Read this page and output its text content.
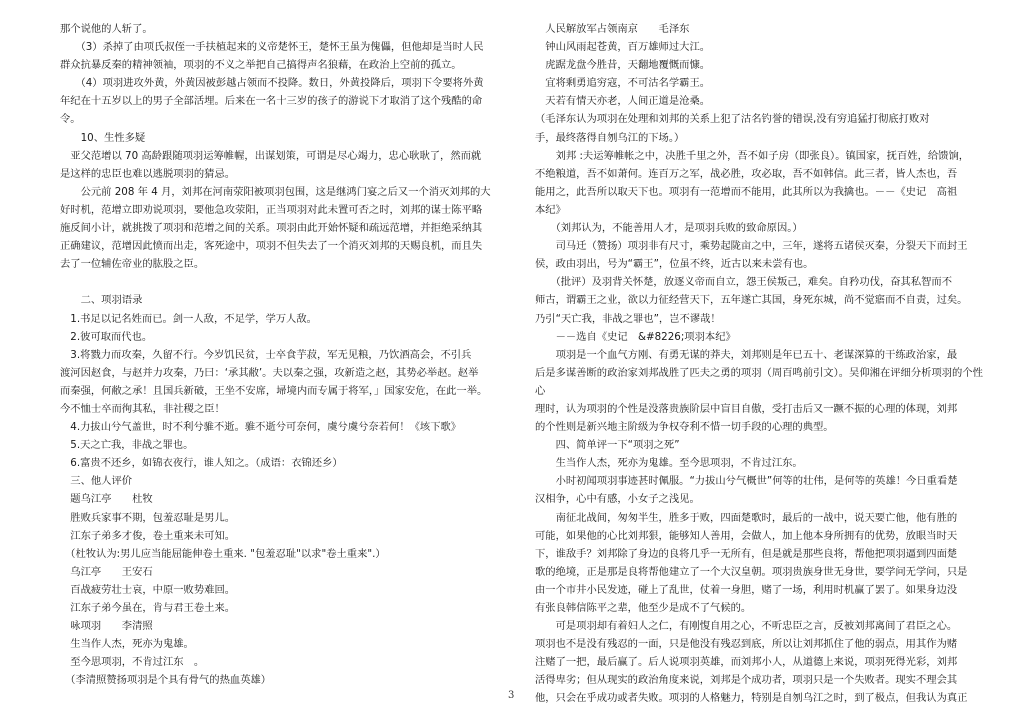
那个说他的人斩了。

　　（3）杀掉了由项氏叔侄一手扶植起来的义帝楚怀王，楚怀王虽为傀儡，但他却是当时人民

群众抗暴反秦的精神领袖，项羽的不义之举把自己搞得声名狼藉，在政治上空前的孤立。

　　（4）项羽进攻外黄，外黄因被彭越占领而不投降。数日，外黄投降后，项羽下令要将外黄

年纪在十五岁以上的男子全部活埋。后来在一名十三岁的孩子的游说下才取消了这个残酷的命

令。

　　10、生性多疑

　亚父范增以 70 高龄跟随项羽运筹帷幄，出谋划策，可谓是尽心竭力，忠心耿耿了，然而就

是这样的忠臣也难以逃脱项羽的猜忌。

　　公元前 208 年 4 月，刘邦在河南荥阳被项羽包围，这是继鸿门宴之后又一个消灭刘邦的大

好时机，范增立即劝说项羽，要他急攻荥阳，正当项羽对此未置可否之时，刘邦的谋士陈平略

施反间小计，就挑拨了项羽和范增之间的关系。项羽由此开始怀疑和疏远范增，并拒绝采纳其

正确建议，范增因此愤而出走，客死途中，项羽不但失去了一个消灭刘邦的天赐良机，而且失

去了一位辅佐帝业的肱股之臣。

　　二、项羽语录

　1.书足以记名姓而已。剑一人敌，不足学，学万人敌。

　2.彼可取而代也。

　3.将戮力而攻秦，久留不行。今岁饥民贫，士卒食芋菽，军无见粮，乃饮酒高会，不引兵

渡河因赵食，与赵并力攻秦，乃曰：‘承其敝’。夫以秦之强，攻新造之赵，其势必举赵。赵举

而秦强，何敝之承！且国兵新破，王坐不安席，埽境内而专属于将军，」国家安危，在此一举。

今不恤士卒而徇其私，非社稷之臣！

　4.力拔山兮气盖世，时不利兮骓不逝。骓不逝兮可奈何，虞兮虞兮奈若何！《垓下歌》

　5.天之亡我，非战之罪也。

　6.富贵不还乡，如锦衣夜行，谁人知之。（成语：衣锦还乡）

　三、他人评价

　题乌江亭　　杜牧

　胜败兵家事不期，包羞忍耻是男儿。

　江东子弟多才俊，卷土重来未可知。

　（杜牧认为:男儿应当能屈能伸卷土重来. "包羞忍耻"以求"卷土重来".）

　乌江亭　　王安石

　百战疲劳壮士哀，中原一败势难回。

　江东子弟今虽在，肯与君王卷土来。

　咏项羽　　李清照

　生当作人杰，死亦为鬼雄。

　至今思项羽，不肯过江东　。

　（李清照赞扬项羽是个具有骨气的热血英雄）

　人民解放军占领南京　　毛泽东

　钟山风雨起苍黄，百万雄师过大江。

　虎踞龙盘今胜昔，天翻地覆慨而慷。

　宜将剩勇追穷寇，不可沽名学霸王。

　天若有情天亦老，人间正道是沧桑。

（毛泽东认为项羽在处理和刘邦的关系上犯了沽名钓誉的错误,没有穷追猛打彻底打败对

手，最终落得自刎乌江的下场。）

　　刘邦 :夫运筹帷帐之中，决胜千里之外，吾不如子房（即张良）。镇国家，抚百姓，给馈饷，

不绝粮道，吾不如萧何。连百万之军，战必胜，攻必取，吾不如韩信。此三者，皆人杰也，吾

能用之，此吾所以取天下也。项羽有一范增而不能用，此其所以为我擒也。－－《史记　高祖

本纪》

　　（刘邦认为，不能善用人才，是项羽兵败的致命原因。）

　　司马迁（赞扬）项羽非有尺寸，乘势起陇亩之中，三年，遂将五诸侯灭秦，分裂天下而封王

侯，政由羽出，号为“霸王”，位虽不终，近古以来未尝有也。

　　（批评）及羽背关怀楚，放逐义帝而自立，怨王侯叛己，难矣。自矜功伐，奋其私智而不

师古，谓霸王之业，欲以力征经营天下，五年遂亡其国，身死东城，尚不觉寤而不自责，过矣。

乃引“天亡我，非战之罪也”，岂不谬哉！

　　－－选自《史记　&#8226;项羽本纪》

　　项羽是一个血气方刚、有勇无谋的莽夫，刘邦则是年已五十、老谋深算的干练政治家，最

后是多谋善断的政治家刘邦战胜了匹夫之勇的项羽（周百鸣前引文）。吴仰湘在评细分析项羽的个性心

理时，认为项羽的个性是没落贵族阶层中盲目自傲，受打击后又一蹶不振的心理的体现，刘邦

的个性则是新兴地主阶级为争权夺利不惜一切手段的心理的典型。

　　四、简单评一下“项羽之死”

　　生当作人杰，死亦为鬼雄。至今思项羽，不肯过江东。

　　小时初闻项羽事迹甚时佩服。“力拔山兮气概世”何等的壮伟，是何等的英雄！今日重看楚

汉相争，心中有感，小女子之浅见。

　　南征北战间，匆匆半生，胜多于败，四面楚歌时，最后的一战中，说天要亡他，他有胜的

可能，如果他的心比刘邦狠，能够知人善用，会做人，加上他本身所拥有的优势，放眼当时天

下，谁敌手？刘邦除了身边的良将几乎一无所有，但是就是那些良将，帮他把项羽逼到四面楚

歌的绝境，正是那是良将帮他建立了一个大汉皇朝。项羽贵族身世无身世，要学问无学问，只是

由一个市井小民发迹，碰上了乱世，仗着一身胆，赌了一场，利用时机赢了罢了。如果身边没

有张良韩信陈平之辈，他至少是成不了气候的。

　　可是项羽却有着妇人之仁，有刚愎自用之心，不听忠臣之言，反被刘邦离间了君臣之心。

项羽也不是没有残忍的一面，只是他没有残忍到底，所以让刘邦抓住了他的弱点，用其作为赌

注赌了一把，最后赢了。后人说项羽英雄，而刘邦小人，从道德上来说，项羽死得光彩，刘邦

活得卑劣；但从现实的政治角度来说，刘邦是个成功者，项羽只是一个失败者。现实不理会其

他，只会在乎成功或者失败。项羽的人格魅力，特别是自刎乌江之时，到了极点，但我认为真正

3
